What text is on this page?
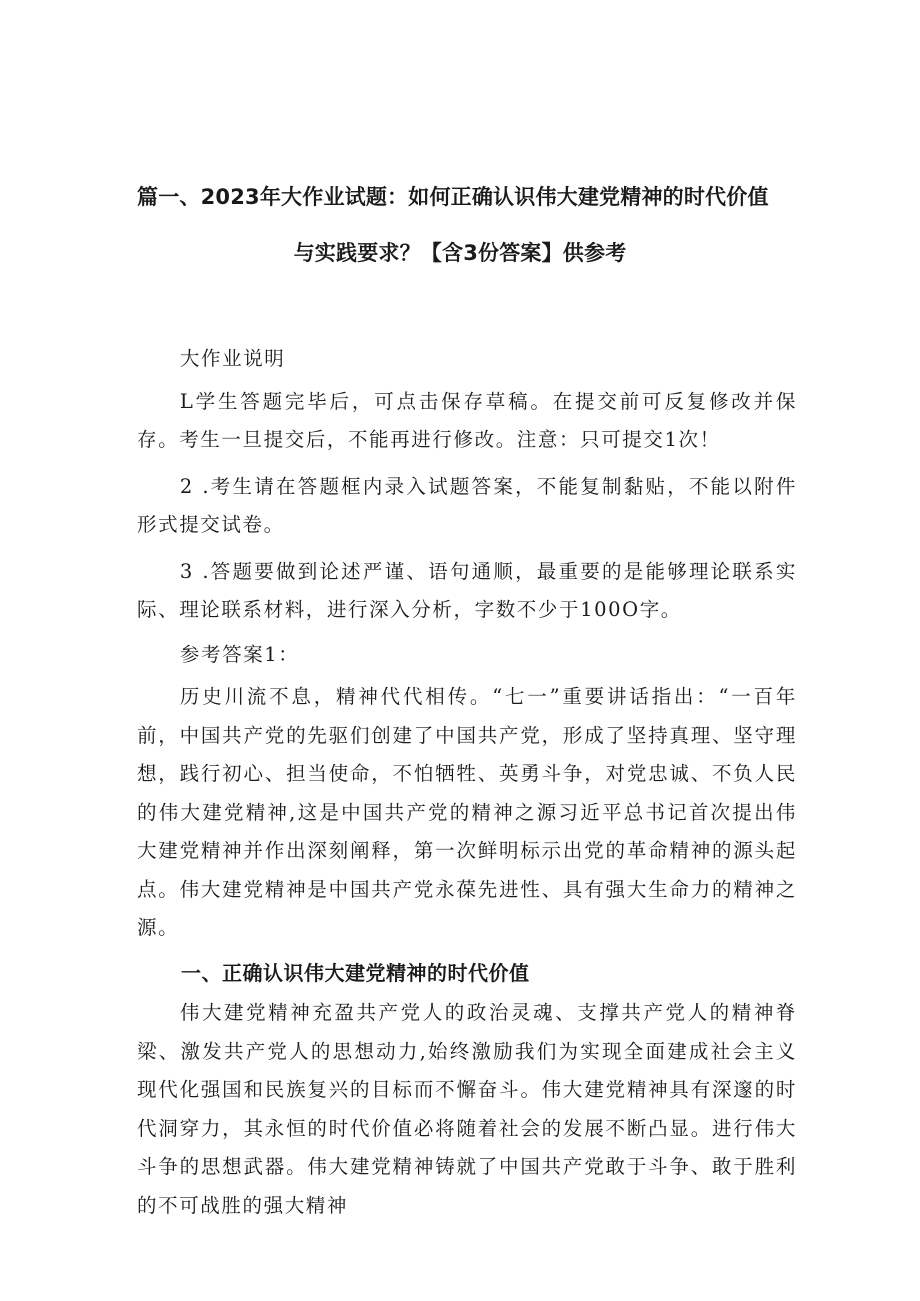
篇一、2023年大作业试题：如何正确认识伟大建党精神的时代价值
与实践要求？【含3份答案】供参考

大作业说明

L学生答题完毕后，可点击保存草稿。在提交前可反复修改并保存。考生一旦提交后，不能再进行修改。注意：只可提交1次！

2 .考生请在答题框内录入试题答案，不能复制黏贴，不能以附件形式提交试卷。

3 .答题要做到论述严谨、语句通顺，最重要的是能够理论联系实际、理论联系材料，进行深入分析，字数不少于100O字。

参考答案1：

历史川流不息，精神代代相传。“七一”重要讲话指出：“一百年前，中国共产党的先驱们创建了中国共产党，形成了坚持真理、坚守理想，践行初心、担当使命，不怕牺牲、英勇斗争，对党忠诚、不负人民的伟大建党精神,这是中国共产党的精神之源习近平总书记首次提出伟大建党精神并作出深刻阐释，第一次鲜明标示出党的革命精神的源头起点。伟大建党精神是中国共产党永葆先进性、具有强大生命力的精神之源。

一、正确认识伟大建党精神的时代价值

伟大建党精神充盈共产党人的政治灵魂、支撑共产党人的精神脊梁、激发共产党人的思想动力,始终激励我们为实现全面建成社会主义现代化强国和民族复兴的目标而不懈奋斗。伟大建党精神具有深邃的时代洞穿力，其永恒的时代价值必将随着社会的发展不断凸显。进行伟大斗争的思想武器。伟大建党精神铸就了中国共产党敢于斗争、敢于胜利的不可战胜的强大精神
